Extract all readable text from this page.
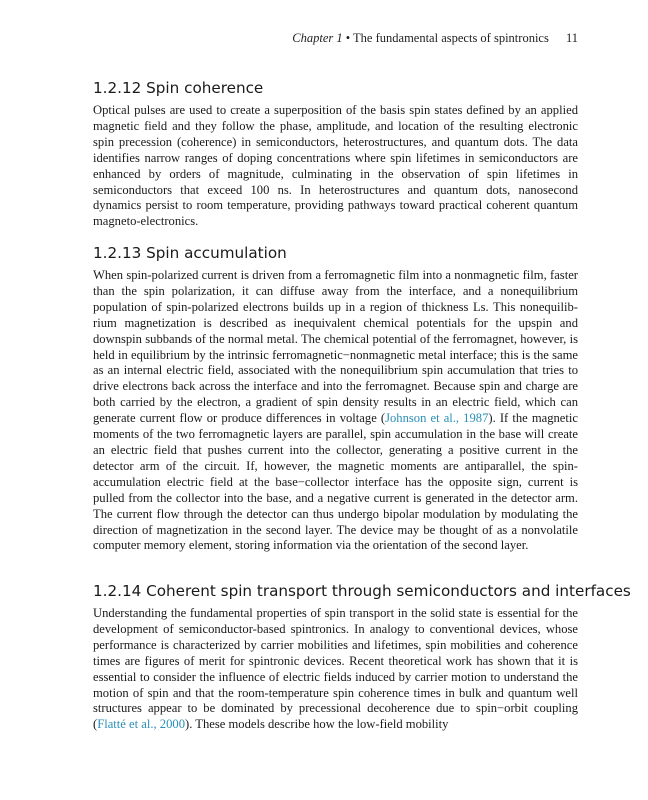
Chapter 1 • The fundamental aspects of spintronics 11
1.2.12 Spin coherence

Optical pulses are used to create a superposition of the basis spin states defined by an applied magnetic field and they follow the phase, amplitude, and location of the resulting electronic spin precession (coherence) in semiconductors, heterostructures, and quantum dots. The data identifies narrow ranges of doping concentrations where spin lifetimes in semiconductors are enhanced by orders of magnitude, culminating in the observation of spin lifetimes in semiconductors that exceed 100 ns. In heterostructures and quantum dots, nanosecond dynamics persist to room temperature, providing pathways toward practical coherent quantum magneto-electronics.

1.2.13 Spin accumulation

When spin-polarized current is driven from a ferromagnetic film into a nonmagnetic film, faster than the spin polarization, it can diffuse away from the interface, and a nonequilibrium population of spin-polarized electrons builds up in a region of thickness Ls. This nonequilibrium magnetization is described as inequivalent chemical potentials for the upspin and downspin subbands of the normal metal. The chemical potential of the ferromagnet, however, is held in equilibrium by the intrinsic ferromagnetic−nonmagnetic metal interface; this is the same as an internal electric field, associated with the nonequilibrium spin accumulation that tries to drive electrons back across the interface and into the ferromagnet. Because spin and charge are both carried by the electron, a gradient of spin density results in an electric field, which can generate current flow or produce differences in voltage (Johnson et al., 1987). If the magnetic moments of the two ferromagnetic layers are parallel, spin accumulation in the base will create an electric field that pushes current into the collector, generating a positive current in the detector arm of the circuit. If, however, the magnetic moments are antiparallel, the spin-accumulation electric field at the base−collector interface has the opposite sign, current is pulled from the collector into the base, and a negative current is generated in the detector arm. The current flow through the detector can thus undergo bipolar modulation by modulating the direction of magnetization in the second layer. The device may be thought of as a nonvolatile computer memory element, storing information via the orientation of the second layer.

1.2.14 Coherent spin transport through semiconductors and interfaces

Understanding the fundamental properties of spin transport in the solid state is essential for the development of semiconductor-based spintronics. In analogy to conventional devices, whose performance is characterized by carrier mobilities and lifetimes, spin mobilities and coherence times are figures of merit for spintronic devices. Recent theoretical work has shown that it is essential to consider the influence of electric fields induced by carrier motion to understand the motion of spin and that the room-temperature spin coherence times in bulk and quantum well structures appear to be dominated by precessional decoherence due to spin−orbit coupling (Flatté et al., 2000). These models describe how the low-field mobility
